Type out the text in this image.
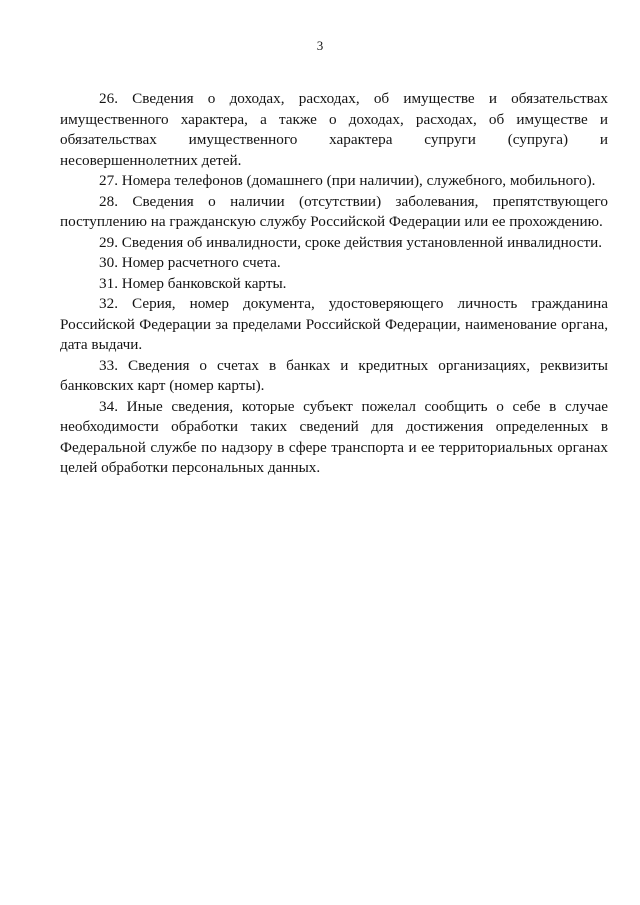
3

26. Сведения о доходах, расходах, об имуществе и обязательствах имущественного характера, а также о доходах, расходах, об имуществе и обязательствах имущественного характера супруги (супруга) и несовершеннолетних детей.

27. Номера телефонов (домашнего (при наличии), служебного, мобильного).

28. Сведения о наличии (отсутствии) заболевания, препятствующего поступлению на гражданскую службу Российской Федерации или ее прохождению.

29. Сведения об инвалидности, сроке действия установленной инвалидности.

30. Номер расчетного счета.

31. Номер банковской карты.

32. Серия, номер документа, удостоверяющего личность гражданина Российской Федерации за пределами Российской Федерации, наименование органа, дата выдачи.

33. Сведения о счетах в банках и кредитных организациях, реквизиты банковских карт (номер карты).

34. Иные сведения, которые субъект пожелал сообщить о себе в случае необходимости обработки таких сведений для достижения определенных в Федеральной службе по надзору в сфере транспорта и ее территориальных органах целей обработки персональных данных.
